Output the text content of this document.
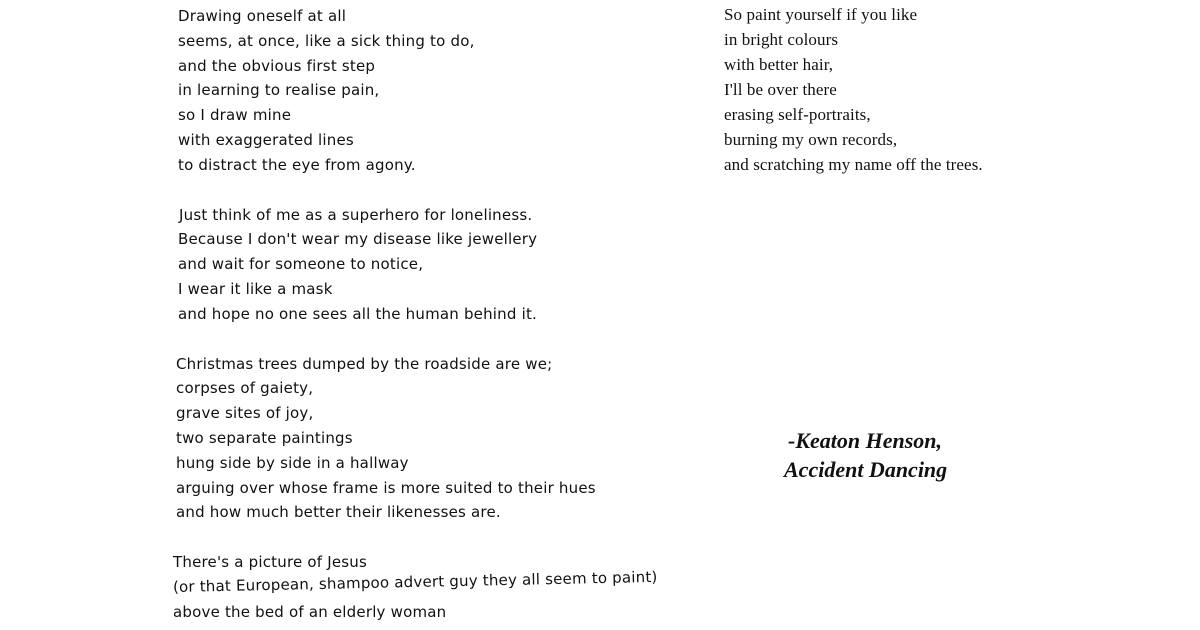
Drawing oneself at all
seems, at once, like a sick thing to do,
and the obvious first step
in learning to realise pain,
so I draw mine
with exaggerated lines
to distract the eye from agony.
Just think of me as a superhero for loneliness.
Because I don't wear my disease like jewellery
and wait for someone to notice,
I wear it like a mask
and hope no one sees all the human behind it.
Christmas trees dumped by the roadside are we;
corpses of gaiety,
grave sites of joy,
two separate paintings
hung side by side in a hallway
arguing over whose frame is more suited to their hues
and how much better their likenesses are.
There's a picture of Jesus
(or that European, shampoo advert guy they all seem to paint)
above the bed of an elderly woman
So paint yourself if you like
in bright colours
with better hair,
I'll be over there
erasing self-portraits,
burning my own records,
and scratching my name off the trees.
-Keaton Henson,
Accident Dancing
